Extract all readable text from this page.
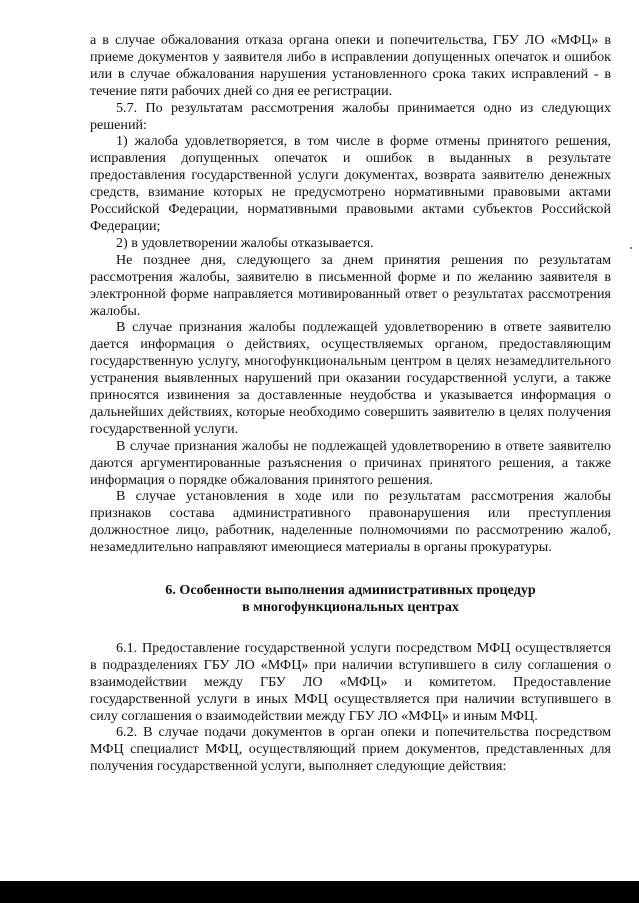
а в случае обжалования отказа органа опеки и попечительства, ГБУ ЛО «МФЦ» в приеме документов у заявителя либо в исправлении допущенных опечаток и ошибок или в случае обжалования нарушения установленного срока таких исправлений - в течение пяти рабочих дней со дня ее регистрации.

5.7. По результатам рассмотрения жалобы принимается одно из следующих решений:

1) жалоба удовлетворяется, в том числе в форме отмены принятого решения, исправления допущенных опечаток и ошибок в выданных в результате предоставления государственной услуги документах, возврата заявителю денежных средств, взимание которых не предусмотрено нормативными правовыми актами Российской Федерации, нормативными правовыми актами субъектов Российской Федерации;

2) в удовлетворении жалобы отказывается.

Не позднее дня, следующего за днем принятия решения по результатам рассмотрения жалобы, заявителю в письменной форме и по желанию заявителя в электронной форме направляется мотивированный ответ о результатах рассмотрения жалобы.

В случае признания жалобы подлежащей удовлетворению в ответе заявителю дается информация о действиях, осуществляемых органом, предоставляющим государственную услугу, многофункциональным центром в целях незамедлительного устранения выявленных нарушений при оказании государственной услуги, а также приносятся извинения за доставленные неудобства и указывается информация о дальнейших действиях, которые необходимо совершить заявителю в целях получения государственной услуги.

В случае признания жалобы не подлежащей удовлетворению в ответе заявителю даются аргументированные разъяснения о причинах принятого решения, а также информация о порядке обжалования принятого решения.

В случае установления в ходе или по результатам рассмотрения жалобы признаков состава административного правонарушения или преступления должностное лицо, работник, наделенные полномочиями по рассмотрению жалоб, незамедлительно направляют имеющиеся материалы в органы прокуратуры.

6. Особенности выполнения административных процедур
в многофункциональных центрах

6.1. Предоставление государственной услуги посредством МФЦ осуществляется в подразделениях ГБУ ЛО «МФЦ» при наличии вступившего в силу соглашения о взаимодействии между ГБУ ЛО «МФЦ» и комитетом. Предоставление государственной услуги в иных МФЦ осуществляется при наличии вступившего в силу соглашения о взаимодействии между ГБУ ЛО «МФЦ» и иным МФЦ.

6.2. В случае подачи документов в орган опеки и попечительства посредством МФЦ специалист МФЦ, осуществляющий прием документов, представленных для получения государственной услуги, выполняет следующие действия:
